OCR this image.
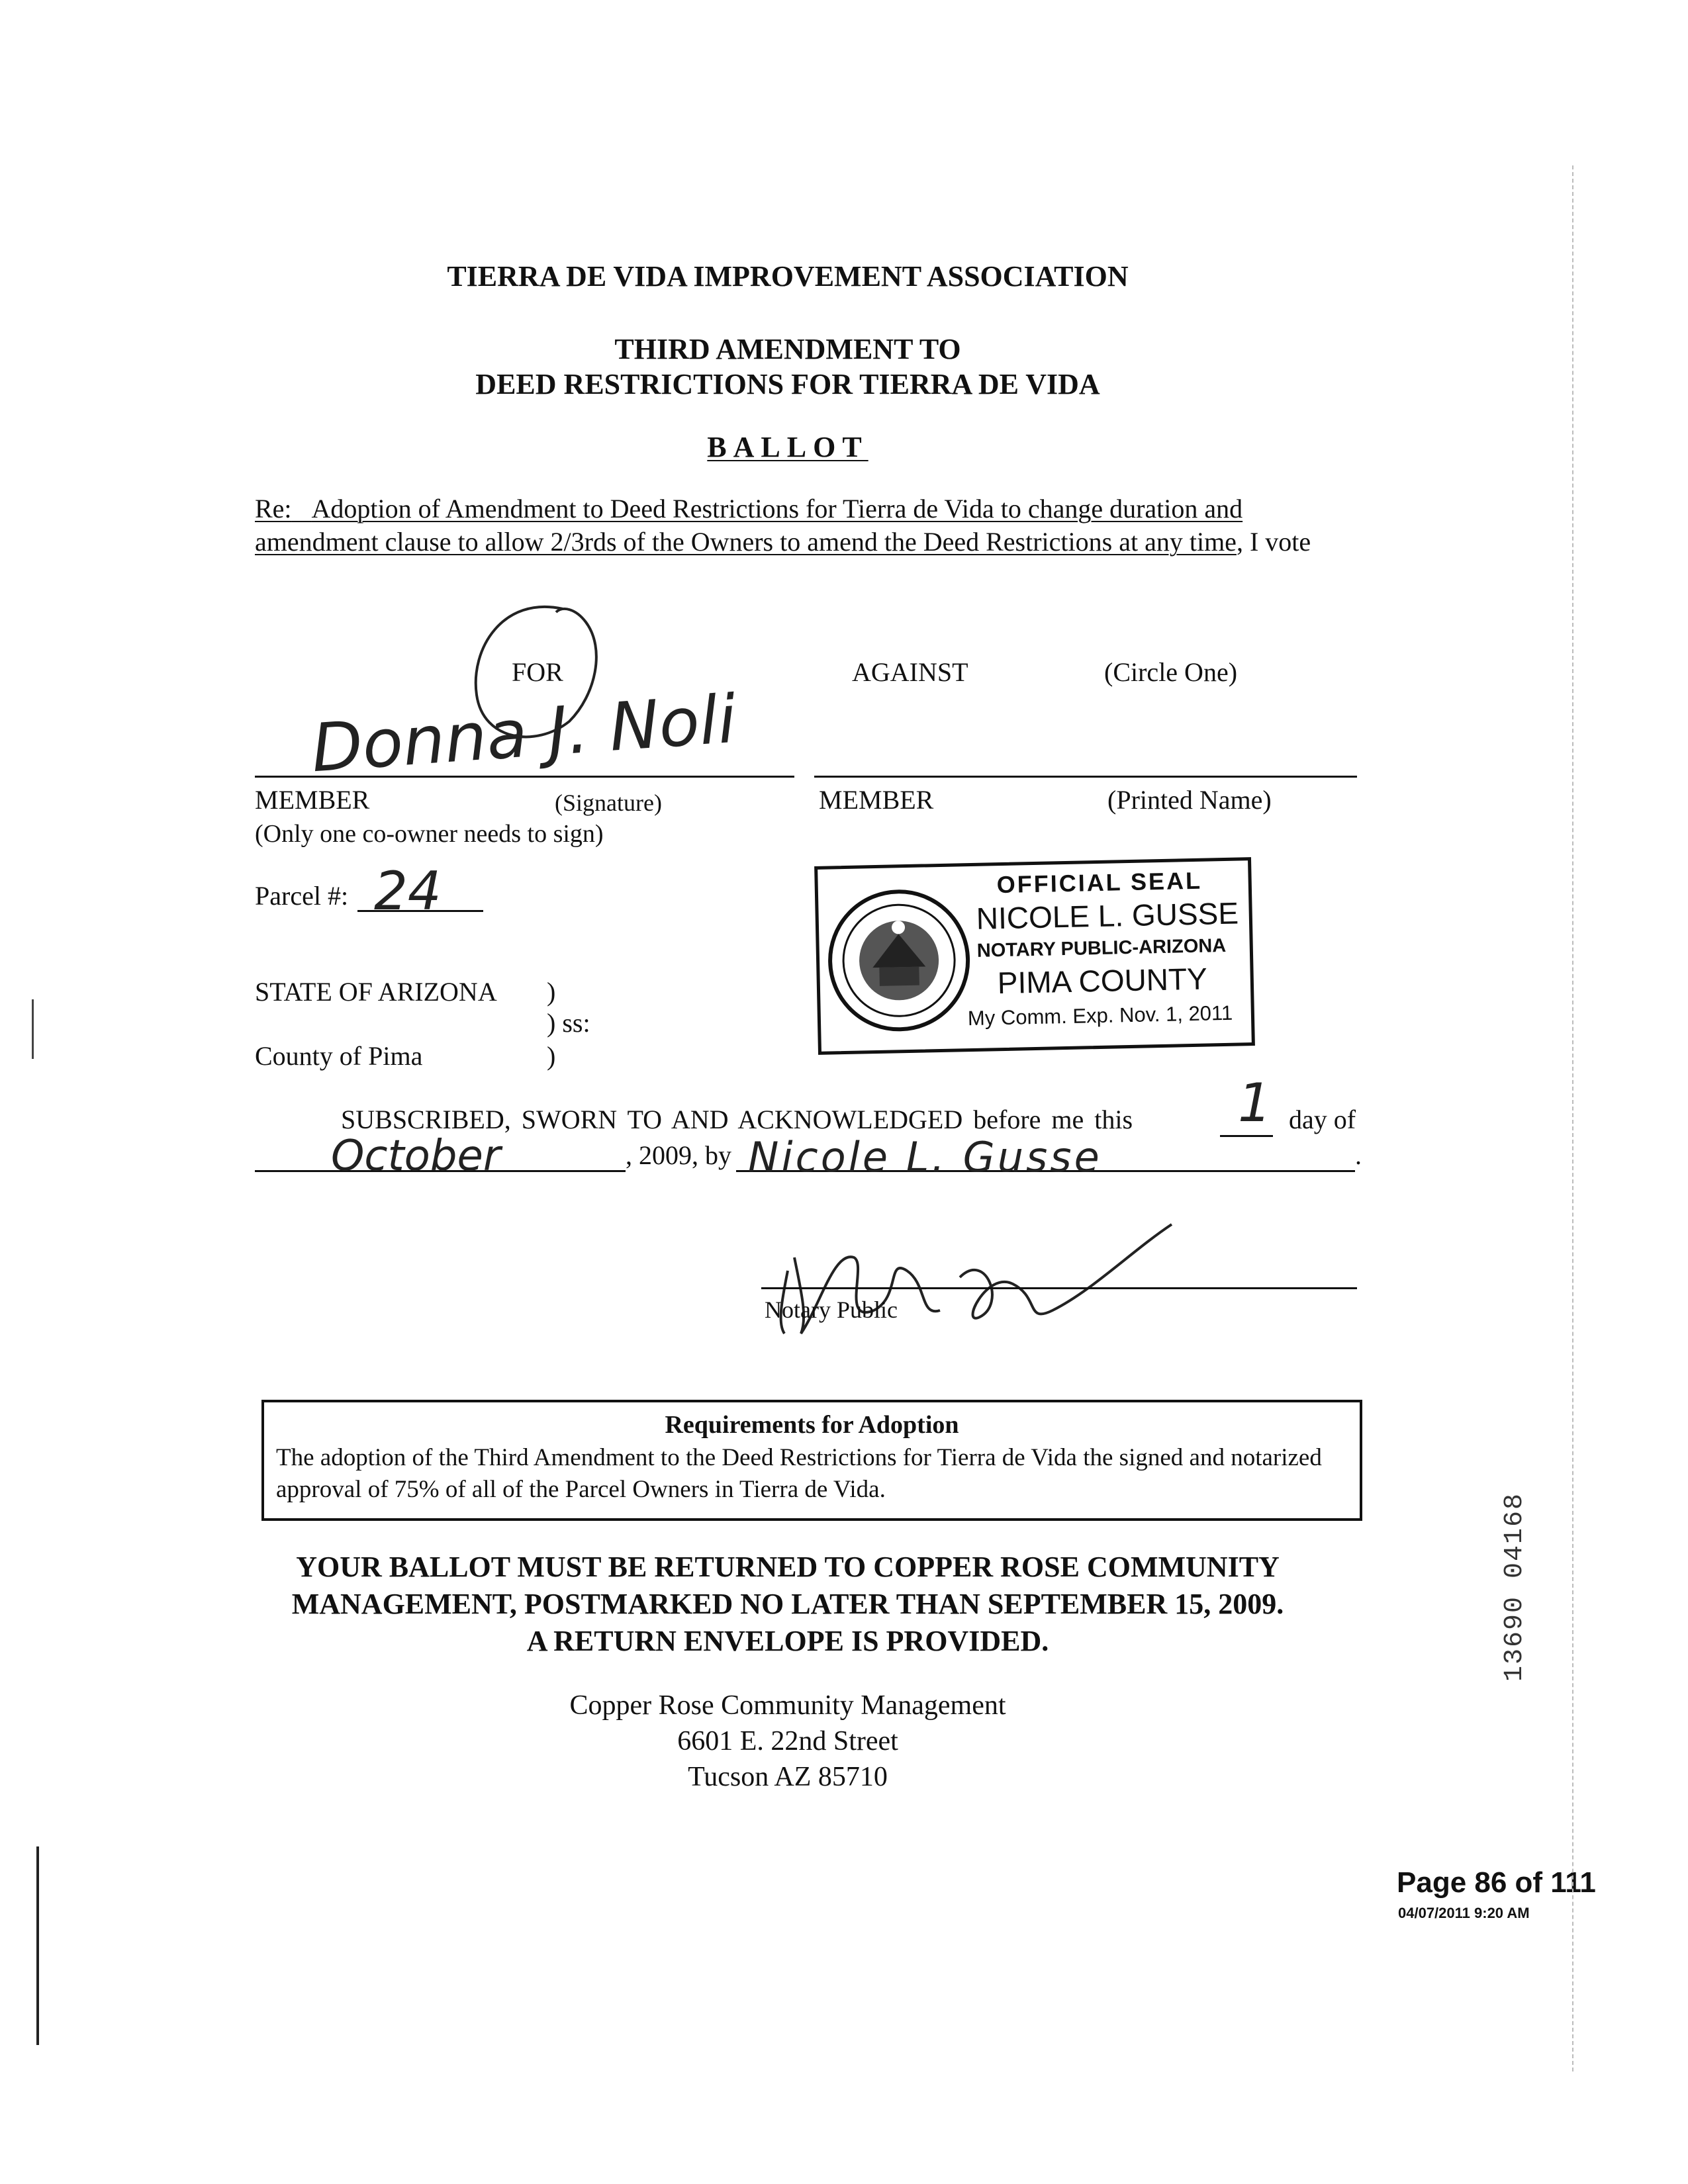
TIERRA DE VIDA IMPROVEMENT ASSOCIATION
THIRD AMENDMENT TO
DEED RESTRICTIONS FOR TIERRA DE VIDA
BALLOT
Re: Adoption of Amendment to Deed Restrictions for Tierra de Vida to change duration and
amendment clause to allow 2/3rds of the Owners to amend the Deed Restrictions at any time, I vote
FOR	AGAINST	(Circle One)
Donna J. Noli
MEMBER	(Signature)	MEMBER	(Printed Name)
(Only one co-owner needs to sign)
Parcel #: 24	OFFICIAL SEAL
NICOLE L. GUSSE
NOTARY PUBLIC-ARIZONA
PIMA COUNTY
My Comm. Exp. Nov. 1, 2011
STATE OF ARIZONA )
) ss:
County of Pima	)
SUBSCRIBED, SWORN TO AND ACKNOWLEDGED before me this 1 day of
October	, 2009, by Nicole L. Gusse	.
Notary Public
Requirements for Adoption
The adoption of the Third Amendment to the Deed Restrictions for Tierra de Vida the signed and notarized approval of 75% of all of the Parcel Owners in Tierra de Vida.
YOUR BALLOT MUST BE RETURNED TO COPPER ROSE COMMUNITY
MANAGEMENT, POSTMARKED NO LATER THAN SEPTEMBER 15, 2009.
A RETURN ENVELOPE IS PROVIDED.
Copper Rose Community Management
6601 E. 22nd Street
Tucson AZ 85710
13690 04168
Page 86 of 111
04/07/2011 9:20 AM
